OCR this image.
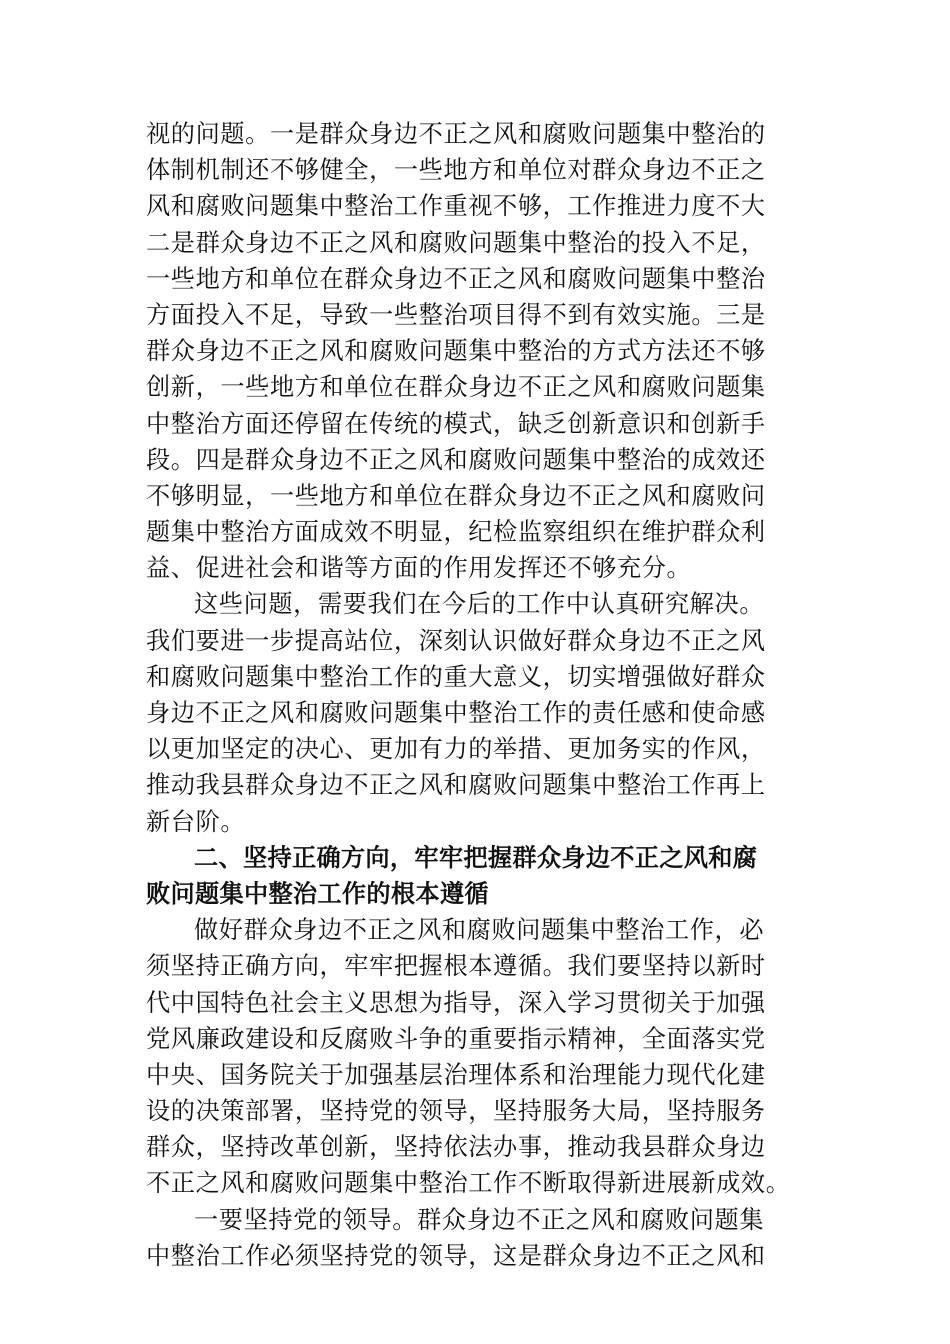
视的问题。一是群众身边不正之风和腐败问题集中整治的
体制机制还不够健全，一些地方和单位对群众身边不正之
风和腐败问题集中整治工作重视不够，工作推进力度不大
二是群众身边不正之风和腐败问题集中整治的投入不足，
一些地方和单位在群众身边不正之风和腐败问题集中整治
方面投入不足，导致一些整治项目得不到有效实施。三是
群众身边不正之风和腐败问题集中整治的方式方法还不够
创新，一些地方和单位在群众身边不正之风和腐败问题集
中整治方面还停留在传统的模式，缺乏创新意识和创新手
段。四是群众身边不正之风和腐败问题集中整治的成效还
不够明显，一些地方和单位在群众身边不正之风和腐败问
题集中整治方面成效不明显，纪检监察组织在维护群众利
益、促进社会和谐等方面的作用发挥还不够充分。
这些问题，需要我们在今后的工作中认真研究解决。
我们要进一步提高站位，深刻认识做好群众身边不正之风
和腐败问题集中整治工作的重大意义，切实增强做好群众
身边不正之风和腐败问题集中整治工作的责任感和使命感
以更加坚定的决心、更加有力的举措、更加务实的作风，
推动我县群众身边不正之风和腐败问题集中整治工作再上
新台阶。
二、坚持正确方向，牢牢把握群众身边不正之风和腐
败问题集中整治工作的根本遵循
做好群众身边不正之风和腐败问题集中整治工作，必
须坚持正确方向，牢牢把握根本遵循。我们要坚持以新时
代中国特色社会主义思想为指导，深入学习贯彻关于加强
党风廉政建设和反腐败斗争的重要指示精神，全面落实党
中央、国务院关于加强基层治理体系和治理能力现代化建
设的决策部署，坚持党的领导，坚持服务大局，坚持服务
群众，坚持改革创新，坚持依法办事，推动我县群众身边
不正之风和腐败问题集中整治工作不断取得新进展新成效。
一要坚持党的领导。群众身边不正之风和腐败问题集
中整治工作必须坚持党的领导，这是群众身边不正之风和
